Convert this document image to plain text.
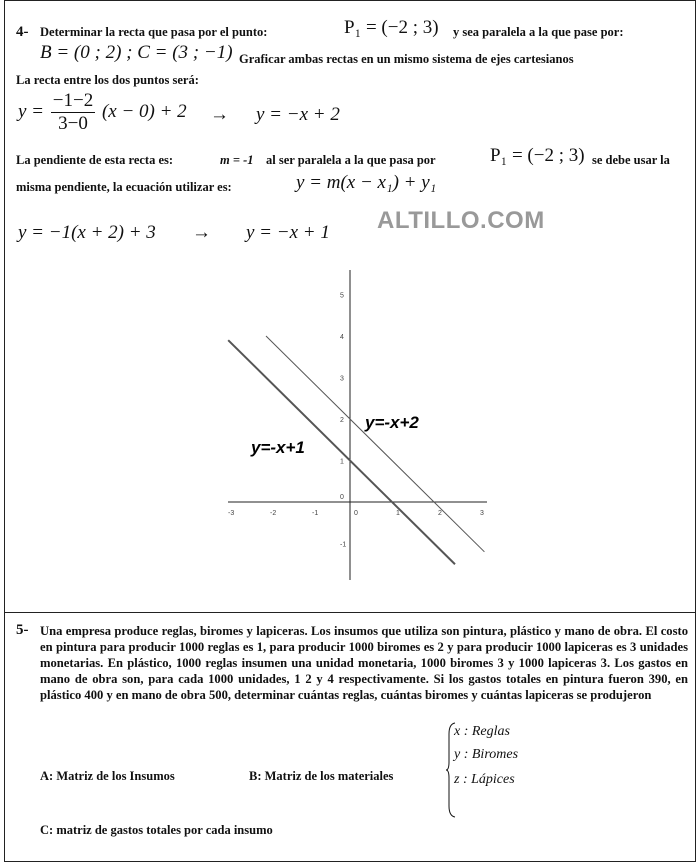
4- Determinar la recta que pasa por el punto:	P₁ = (−2 ; 3) y sea paralela a la que pase por:
B = (0 ; 2) ; C = (3 ; −1) Graficar ambas rectas en un mismo sistema de ejes cartesianos
La recta entre los dos puntos será:
$y = \frac{-1-2}{3-0} (x - 0) + 2 \to y = -x + 2$
La pendiente de esta recta es:	m = -1 al ser paralela a la que pasa por	P₁ = (−2 ; 3) se debe usar la
misma pendiente, la ecuación utilizar es:	y = m(x − x₁) + y₁
y = −1(x + 2) + 3 → y = −x + 1 ALTILLO.COM
-3	-2	-1	0	1	2	3
5
4
3
2
1
0
-1
y=-x+1
y=-x+2
5- Una empresa produce reglas, biromes y lapiceras. Los insumos que utiliza son pintura, plástico y mano de obra. El costo en pintura para producir 1000 reglas es 1, para producir 1000 biromes es 2 y para producir 1000 lapiceras es 3 unidades monetarias. En plástico, 1000 reglas insumen una unidad monetaria, 1000 biromes 3 y 1000 lapiceras 3. Los gastos en mano de obra son, para cada 1000 unidades, 1 2 y 4 respectivamente. Si los gastos totales en pintura fueron 390, en plástico 400 y en mano de obra 500, determinar cuántas reglas, cuántas biromes y cuántas lapiceras se produjeron
A: Matriz de los Insumos	B: Matriz de los materiales
x : Reglas
y : Biromes
z : Lápices
C: matriz de gastos totales por cada insumo
